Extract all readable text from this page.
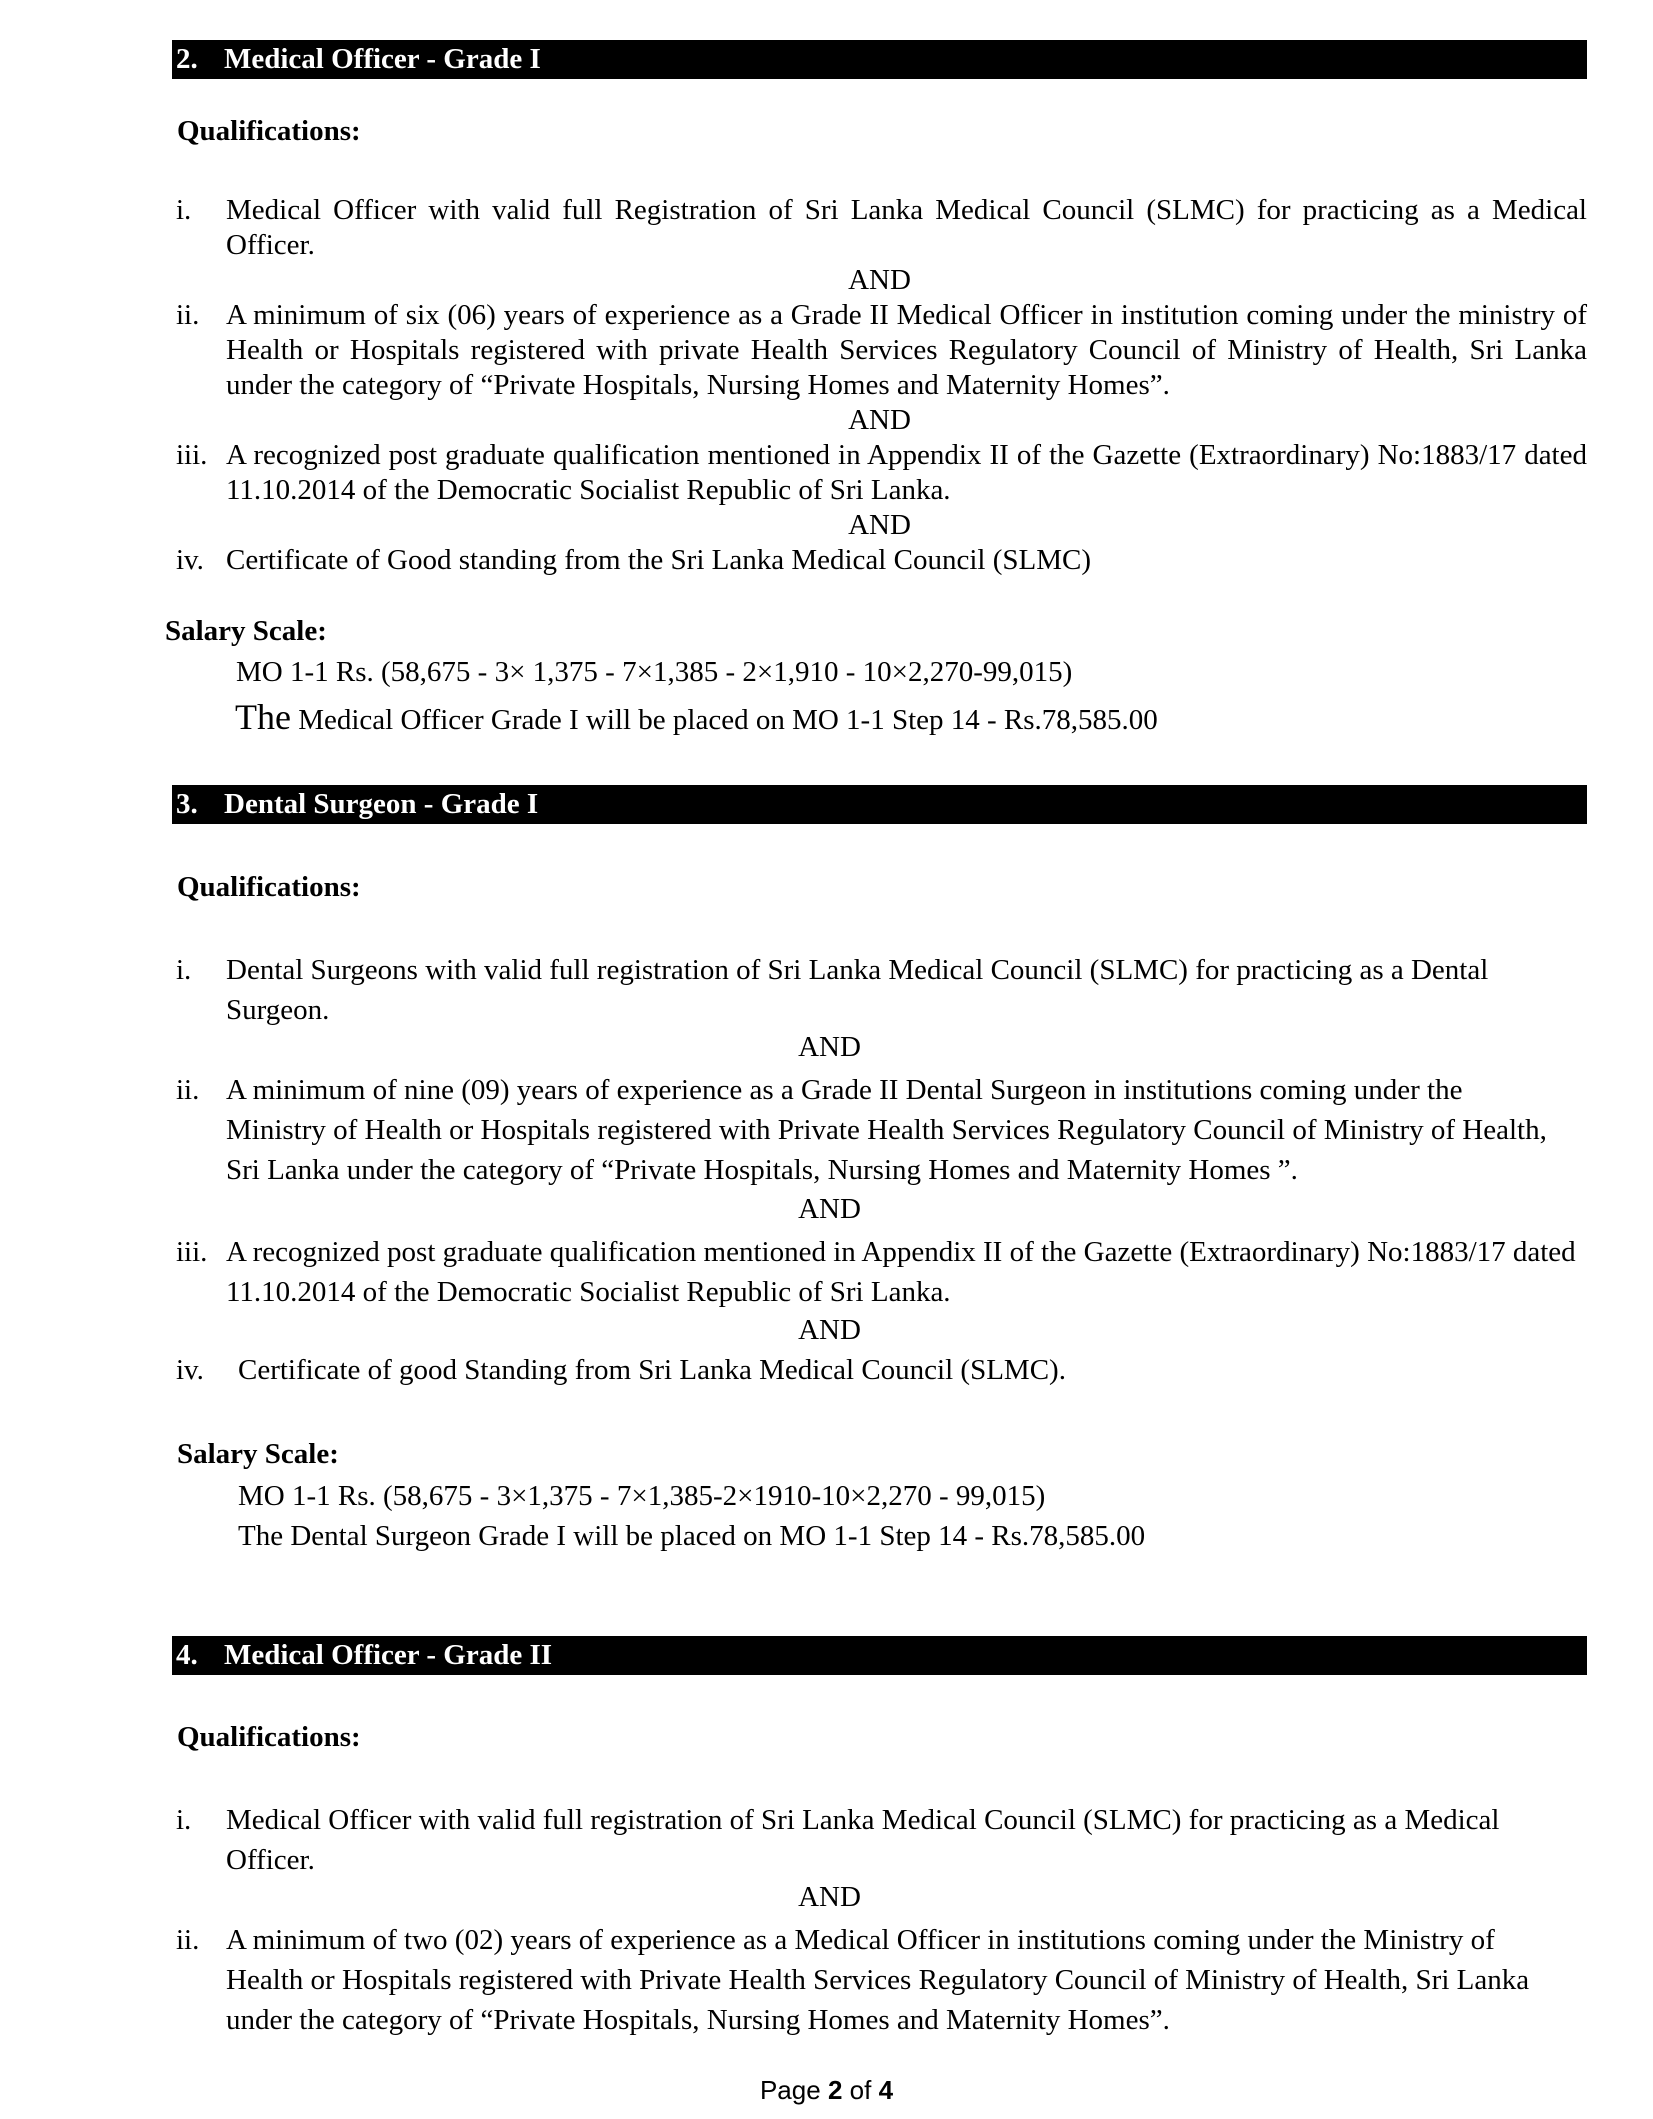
2. Medical Officer - Grade I
Qualifications:
i.	Medical Officer with valid full Registration of Sri Lanka Medical Council (SLMC) for practicing as a Medical Officer.
AND
ii. A minimum of six (06) years of experience as a Grade II Medical Officer in institution coming under the ministry of Health or Hospitals registered with private Health Services Regulatory Council of Ministry of Health, Sri Lanka under the category of “Private Hospitals, Nursing Homes and Maternity Homes”.
AND
iii. A recognized post graduate qualification mentioned in Appendix II of the Gazette (Extraordinary) No:1883/17 dated 11.10.2014 of the Democratic Socialist Republic of Sri Lanka.
AND
iv. Certificate of Good standing from the Sri Lanka Medical Council (SLMC)
Salary Scale:
MO 1-1 Rs. (58,675 - 3× 1,375 - 7×1,385 - 2×1,910 - 10×2,270-99,015)
The Medical Officer Grade I will be placed on MO 1-1 Step 14 - Rs.78,585.00
3. Dental Surgeon - Grade I
Qualifications:
i.	Dental Surgeons with valid full registration of Sri Lanka Medical Council (SLMC) for practicing as a Dental Surgeon.
AND
ii. A minimum of nine (09) years of experience as a Grade II Dental Surgeon in institutions coming under the Ministry of Health or Hospitals registered with Private Health Services Regulatory Council of Ministry of Health, Sri Lanka under the category of “Private Hospitals, Nursing Homes and Maternity Homes ”.
AND
iii. A recognized post graduate qualification mentioned in Appendix II of the Gazette (Extraordinary) No:1883/17 dated 11.10.2014 of the Democratic Socialist Republic of Sri Lanka.
AND
iv.	Certificate of good Standing from Sri Lanka Medical Council (SLMC).
Salary Scale:
MO 1-1 Rs. (58,675 - 3×1,375 - 7×1,385-2×1910-10×2,270 - 99,015)
The Dental Surgeon Grade I will be placed on MO 1-1 Step 14 - Rs.78,585.00
4. Medical Officer - Grade II
Qualifications:
i.	Medical Officer with valid full registration of Sri Lanka Medical Council (SLMC) for practicing as a Medical Officer.
AND
ii. A minimum of two (02) years of experience as a Medical Officer in institutions coming under the Ministry of Health or Hospitals registered with Private Health Services Regulatory Council of Ministry of Health, Sri Lanka under the category of “Private Hospitals, Nursing Homes and Maternity Homes”.
Page 2 of 4
